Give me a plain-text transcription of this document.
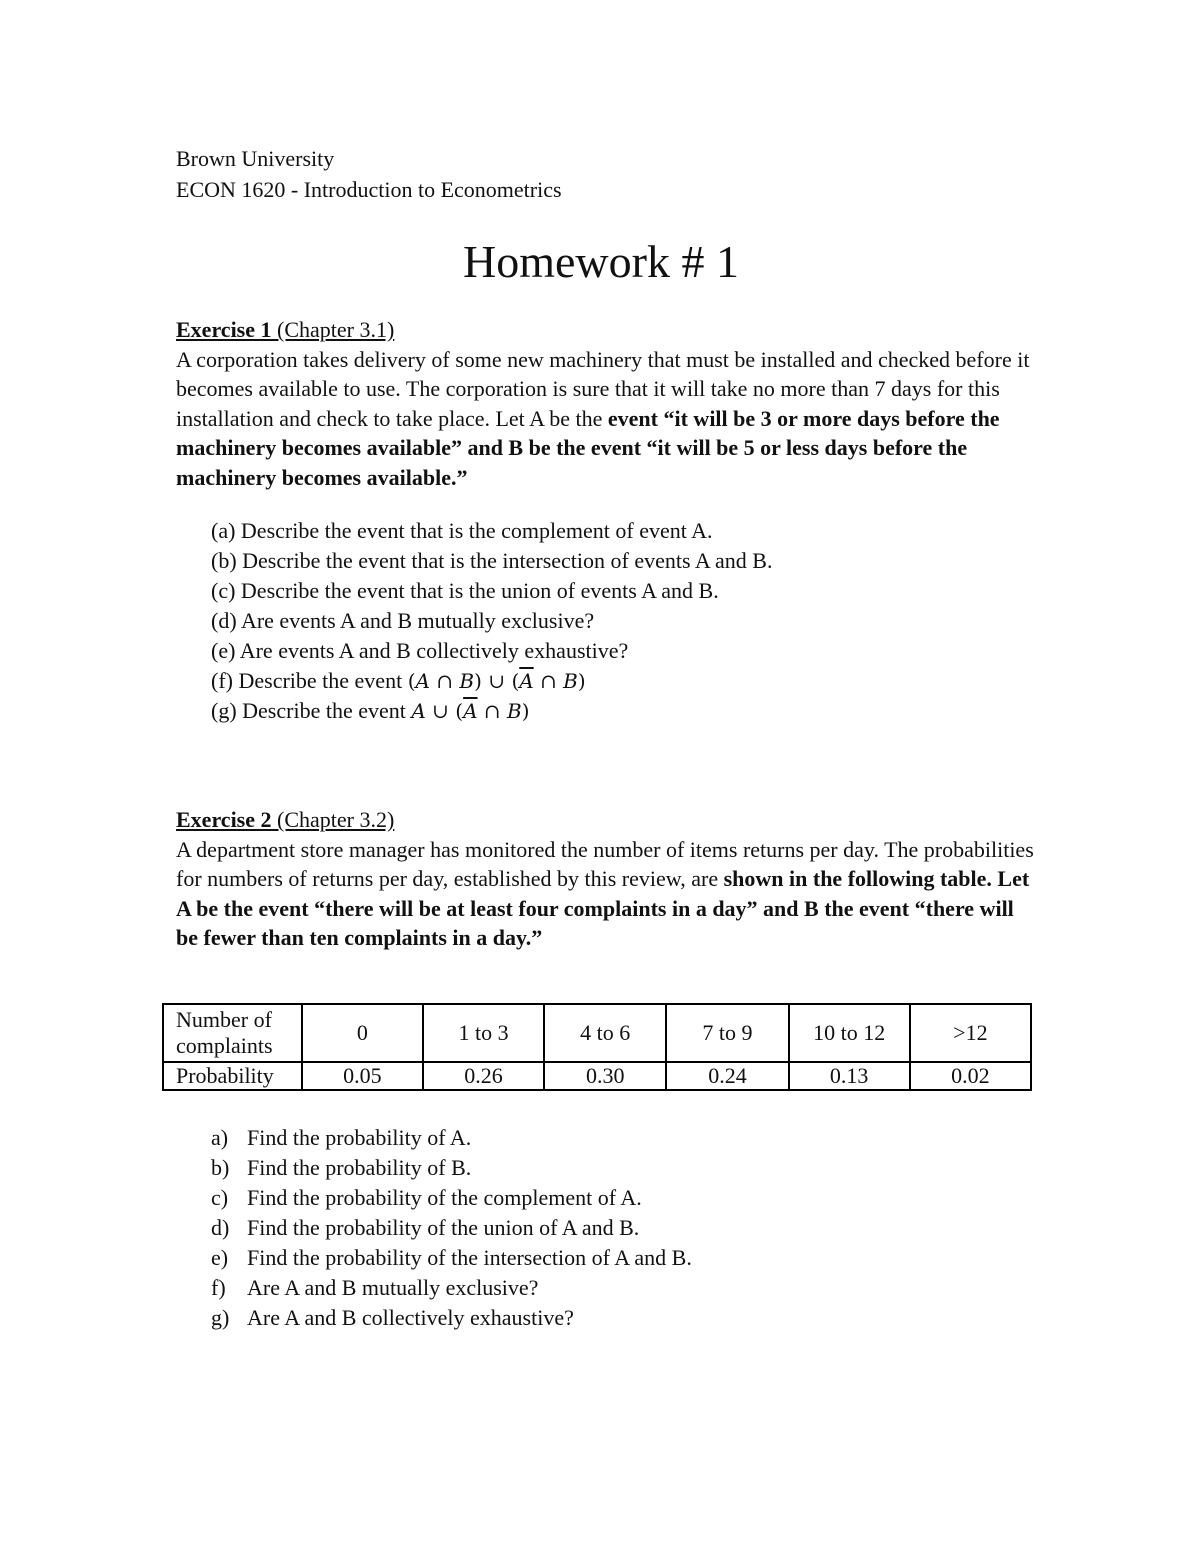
Brown University
ECON 1620 - Introduction to Econometrics
Homework # 1
Exercise 1 (Chapter 3.1)
A corporation takes delivery of some new machinery that must be installed and checked before it becomes available to use. The corporation is sure that it will take no more than 7 days for this installation and check to take place. Let A be the event “it will be 3 or more days before the machinery becomes available” and B be the event “it will be 5 or less days before the machinery becomes available.”
(a) Describe the event that is the complement of event A.
(b) Describe the event that is the intersection of events A and B.
(c) Describe the event that is the union of events A and B.
(d) Are events A and B mutually exclusive?
(e) Are events A and B collectively exhaustive?
(f) Describe the event (A ∩ B) ∪ ($\overline{A}$ ∩ B)
(g) Describe the event A ∪ ($\overline{A}$ ∩ B)
Exercise 2 (Chapter 3.2)
A department store manager has monitored the number of items returns per day. The probabilities for numbers of returns per day, established by this review, are shown in the following table. Let A be the event “there will be at least four complaints in a day” and B the event “there will be fewer than ten complaints in a day.”
Number of complaints	0	1 to 3	4 to 6	7 to 9	10 to 12	>12
Probability	0.05	0.26	0.30	0.24	0.13	0.02
a) Find the probability of A.
b) Find the probability of B.
c) Find the probability of the complement of A.
d) Find the probability of the union of A and B.
e) Find the probability of the intersection of A and B.
f) Are A and B mutually exclusive?
g) Are A and B collectively exhaustive?
